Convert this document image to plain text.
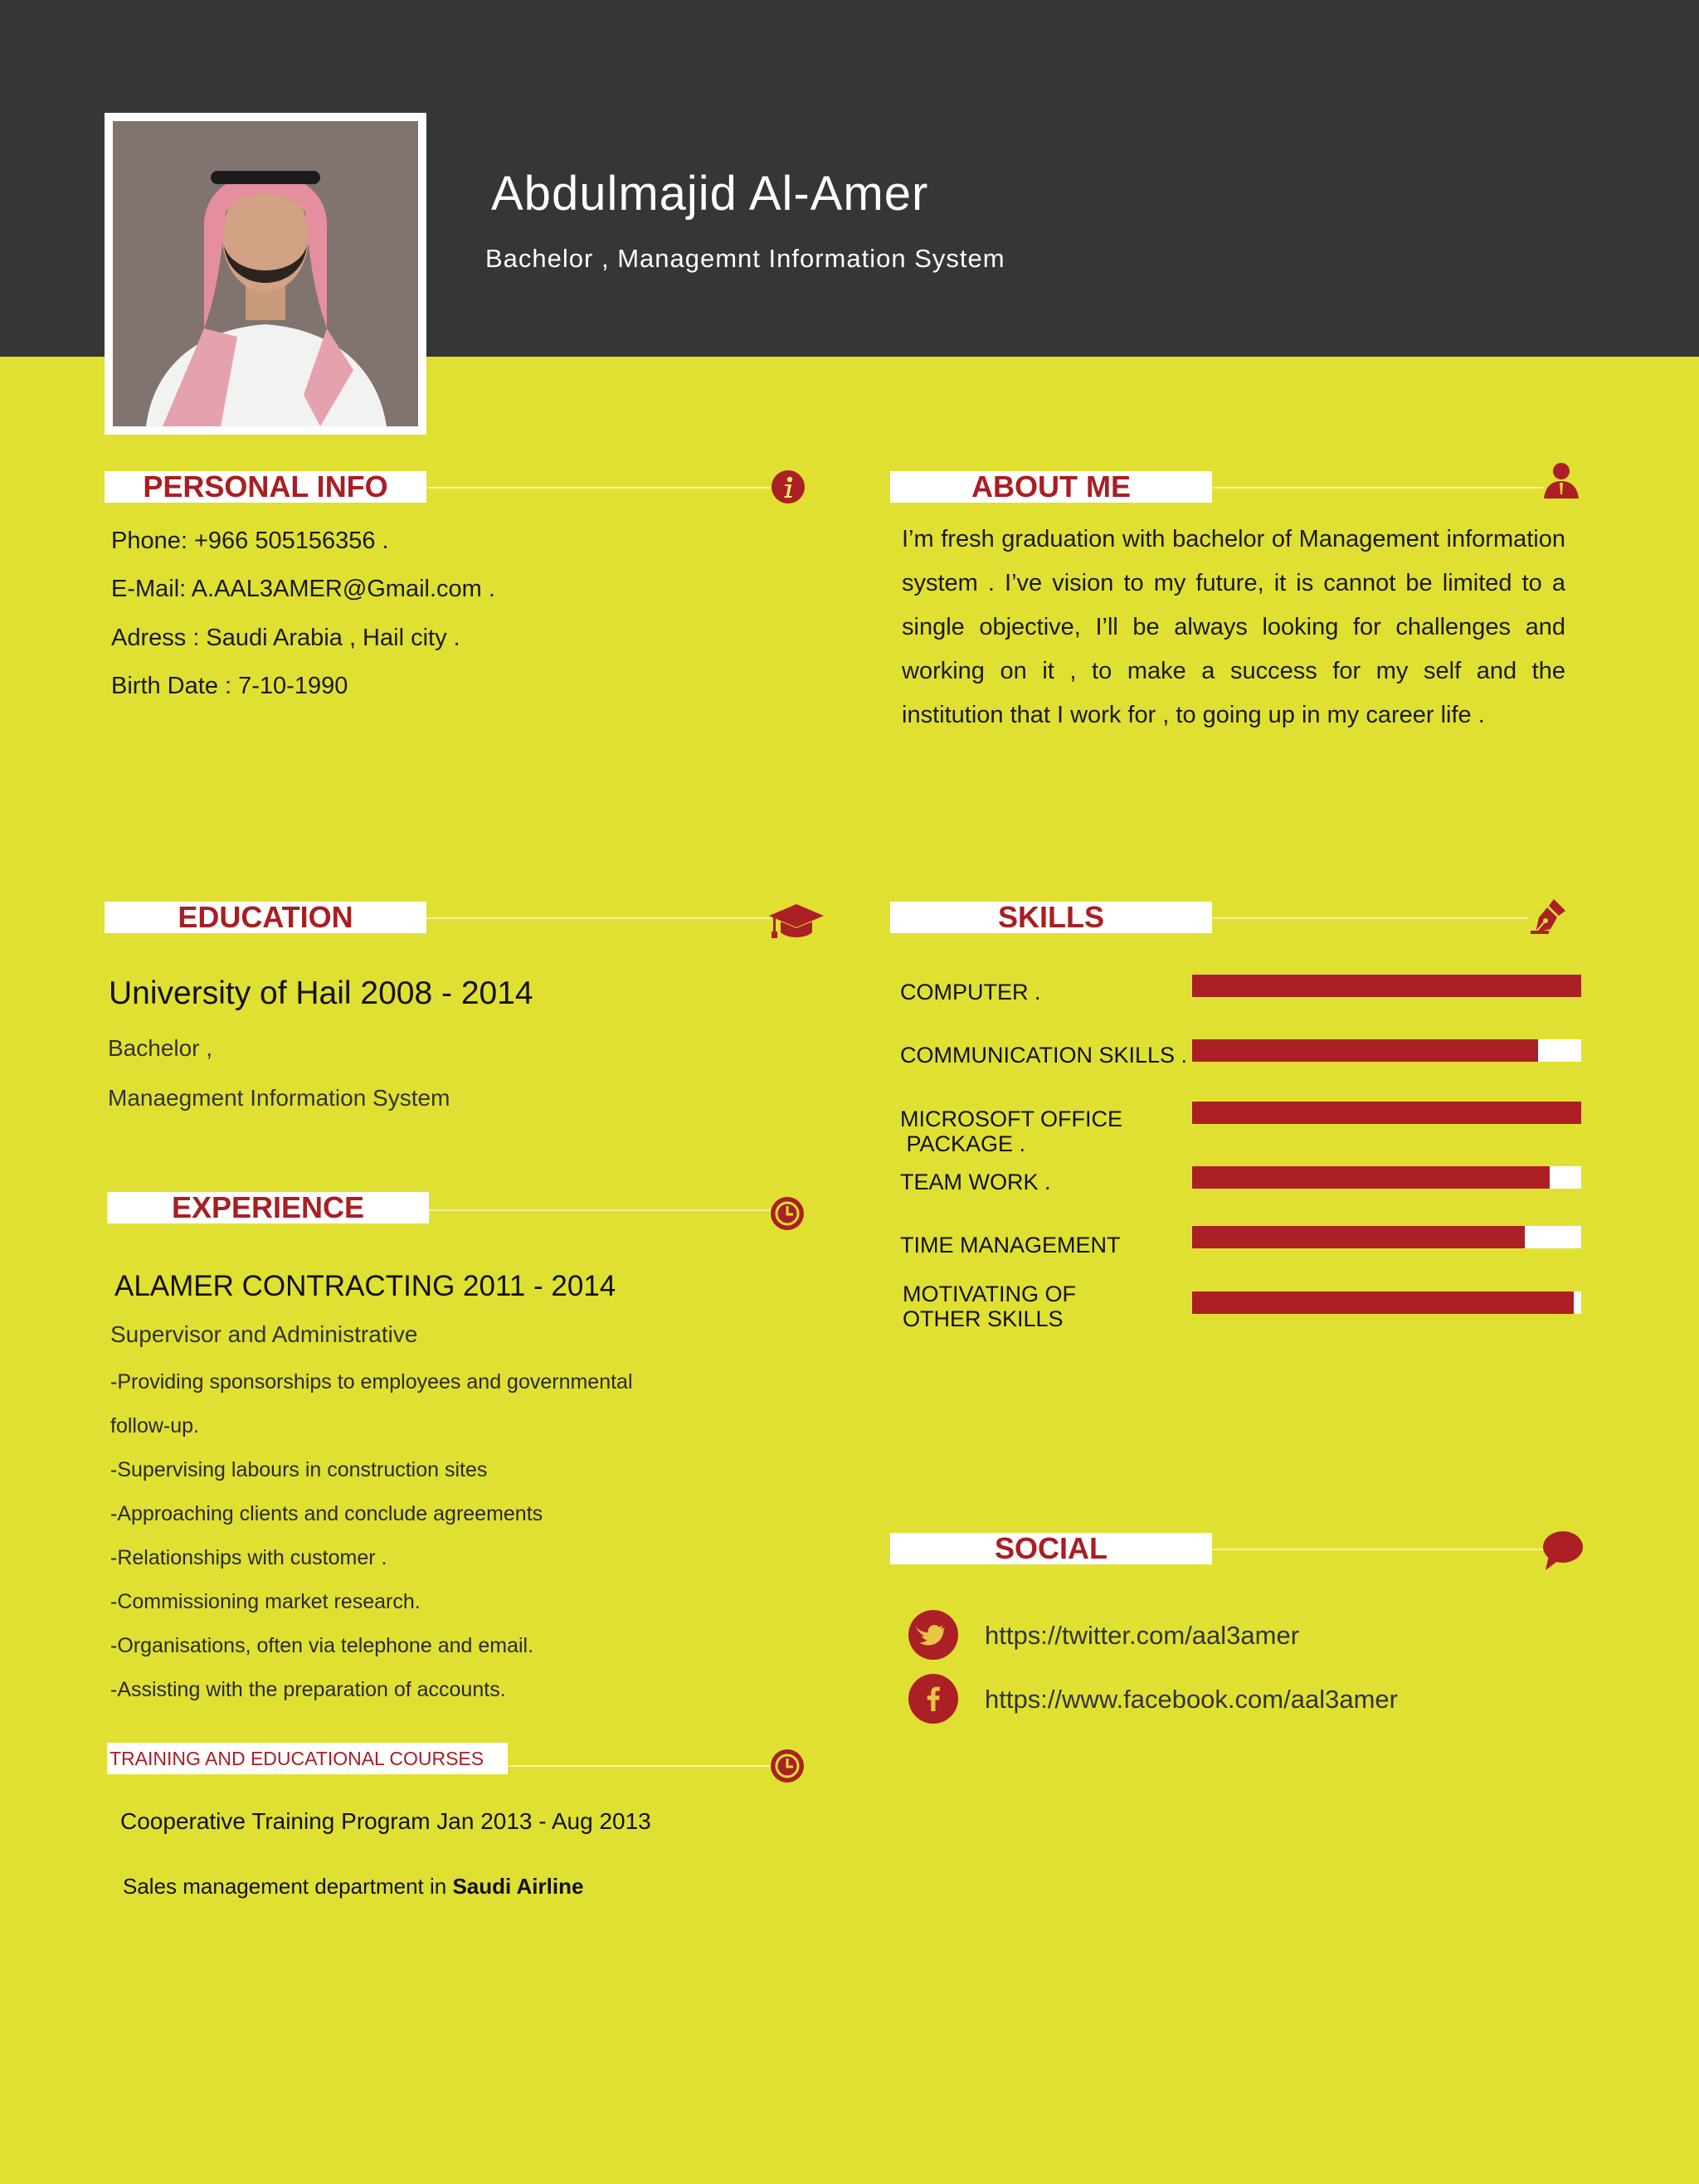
Abdulmajid Al-Amer
Bachelor , Managemnt Information System
PERSONAL INFO
Phone: +966 505156356 .
E-Mail: A.AAL3AMER@Gmail.com .
Adress : Saudi Arabia , Hail city .
Birth Date : 7-10-1990
ABOUT ME
I’m fresh graduation with bachelor of Management information system . I’ve vision to my future, it is cannot be limited to a single objective, I’ll be always looking for challenges and working on it , to make a success for my self and the institution that I work for , to going up in my career life .
EDUCATION
University of Hail 2008 - 2014
Bachelor ,
Manaegment Information System
EXPERIENCE
ALAMER CONTRACTING 2011 - 2014
Supervisor and Administrative
-Providing sponsorships to employees and governmental
follow-up.
-Supervising labours in construction sites
-Approaching clients and conclude agreements
-Relationships with customer .
-Commissioning market research.
-Organisations, often via telephone and email.
-Assisting with the preparation of accounts.
TRAINING AND EDUCATIONAL COURSES
Cooperative Training Program Jan 2013 - Aug 2013
Sales management department in Saudi Airline
SKILLS
COMPUTER .
COMMUNICATION SKILLS .
MICROSOFT OFFICE
PACKAGE .
TEAM WORK .
TIME MANAGEMENT
MOTIVATING OF
OTHER SKILLS
SOCIAL
https://twitter.com/aal3amer
https://www.facebook.com/aal3amer
